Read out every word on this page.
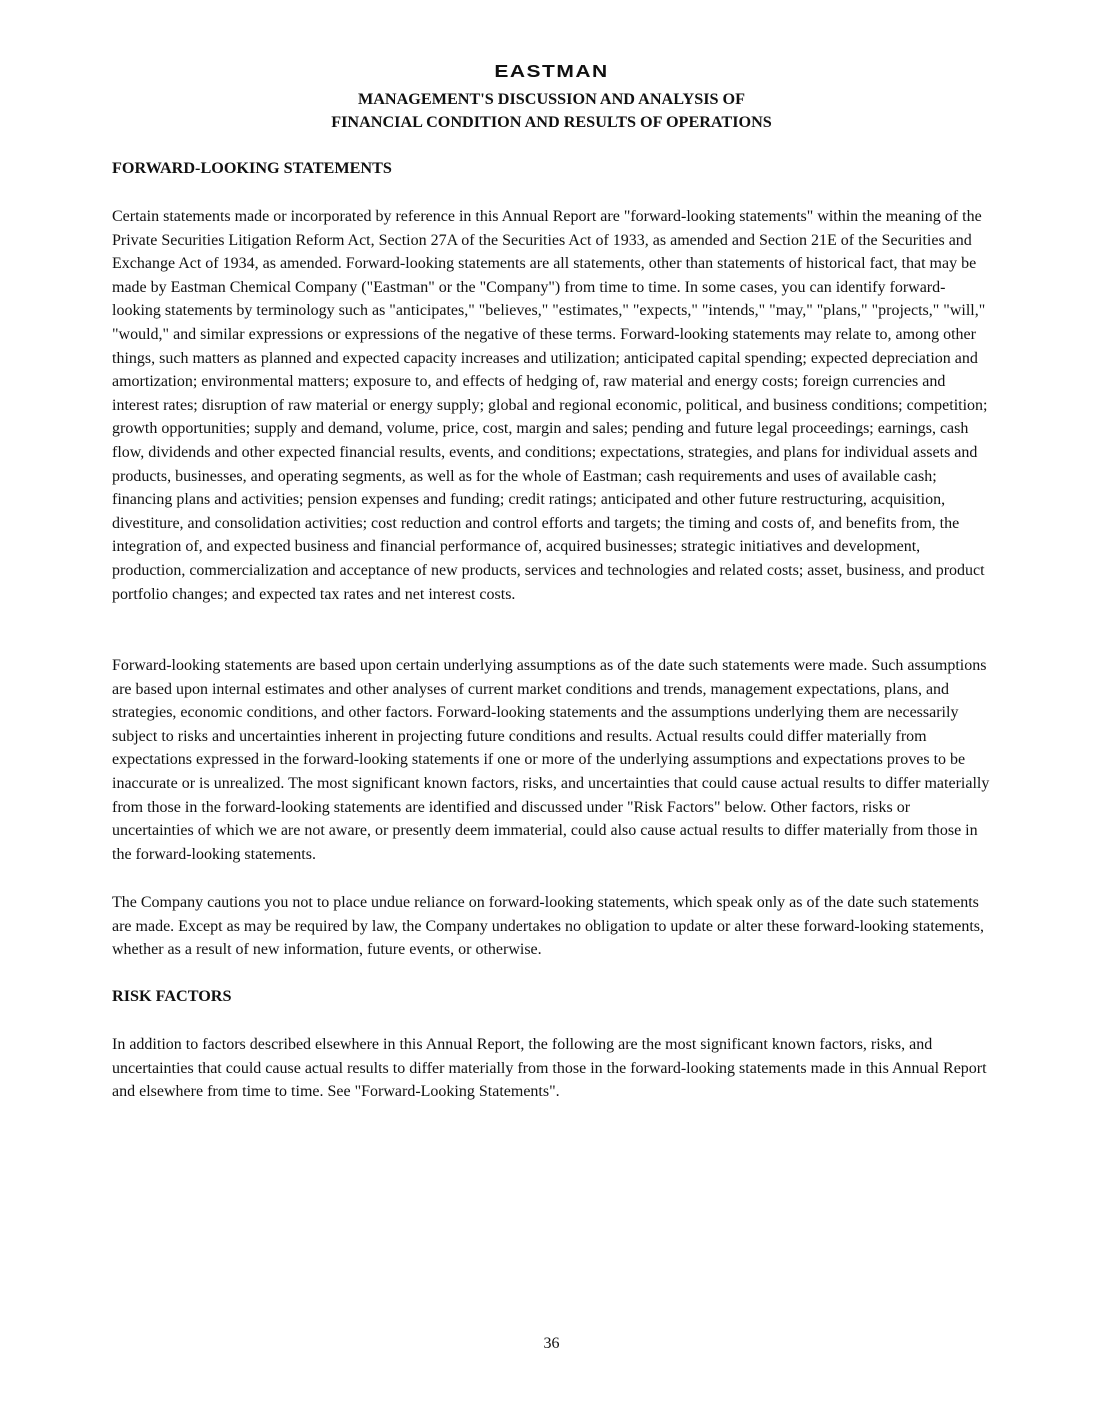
EASTMAN
MANAGEMENT'S DISCUSSION AND ANALYSIS OF
FINANCIAL CONDITION AND RESULTS OF OPERATIONS
FORWARD-LOOKING STATEMENTS

Certain statements made or incorporated by reference in this Annual Report are "forward-looking statements" within the meaning of the Private Securities Litigation Reform Act, Section 27A of the Securities Act of 1933, as amended and Section 21E of the Securities and Exchange Act of 1934, as amended. Forward-looking statements are all statements, other than statements of historical fact, that may be made by Eastman Chemical Company ("Eastman" or the "Company") from time to time. In some cases, you can identify forward-looking statements by terminology such as "anticipates," "believes," "estimates," "expects," "intends," "may," "plans," "projects," "will," "would," and similar expressions or expressions of the negative of these terms. Forward-looking statements may relate to, among other things, such matters as planned and expected capacity increases and utilization; anticipated capital spending; expected depreciation and amortization; environmental matters; exposure to, and effects of hedging of, raw material and energy costs; foreign currencies and interest rates; disruption of raw material or energy supply; global and regional economic, political, and business conditions; competition; growth opportunities; supply and demand, volume, price, cost, margin and sales; pending and future legal proceedings; earnings, cash flow, dividends and other expected financial results, events, and conditions; expectations, strategies, and plans for individual assets and products, businesses, and operating segments, as well as for the whole of Eastman; cash requirements and uses of available cash; financing plans and activities; pension expenses and funding; credit ratings; anticipated and other future restructuring, acquisition, divestiture, and consolidation activities; cost reduction and control efforts and targets; the timing and costs of, and benefits from, the integration of, and expected business and financial performance of, acquired businesses; strategic initiatives and development, production, commercialization and acceptance of new products, services and technologies and related costs; asset, business, and product portfolio changes; and expected tax rates and net interest costs.

Forward-looking statements are based upon certain underlying assumptions as of the date such statements were made. Such assumptions are based upon internal estimates and other analyses of current market conditions and trends, management expectations, plans, and strategies, economic conditions, and other factors. Forward-looking statements and the assumptions underlying them are necessarily subject to risks and uncertainties inherent in projecting future conditions and results. Actual results could differ materially from expectations expressed in the forward-looking statements if one or more of the underlying assumptions and expectations proves to be inaccurate or is unrealized. The most significant known factors, risks, and uncertainties that could cause actual results to differ materially from those in the forward-looking statements are identified and discussed under "Risk Factors" below. Other factors, risks or uncertainties of which we are not aware, or presently deem immaterial, could also cause actual results to differ materially from those in the forward-looking statements.

The Company cautions you not to place undue reliance on forward-looking statements, which speak only as of the date such statements are made. Except as may be required by law, the Company undertakes no obligation to update or alter these forward-looking statements, whether as a result of new information, future events, or otherwise.

RISK FACTORS

In addition to factors described elsewhere in this Annual Report, the following are the most significant known factors, risks, and uncertainties that could cause actual results to differ materially from those in the forward-looking statements made in this Annual Report and elsewhere from time to time. See "Forward-Looking Statements".

36
